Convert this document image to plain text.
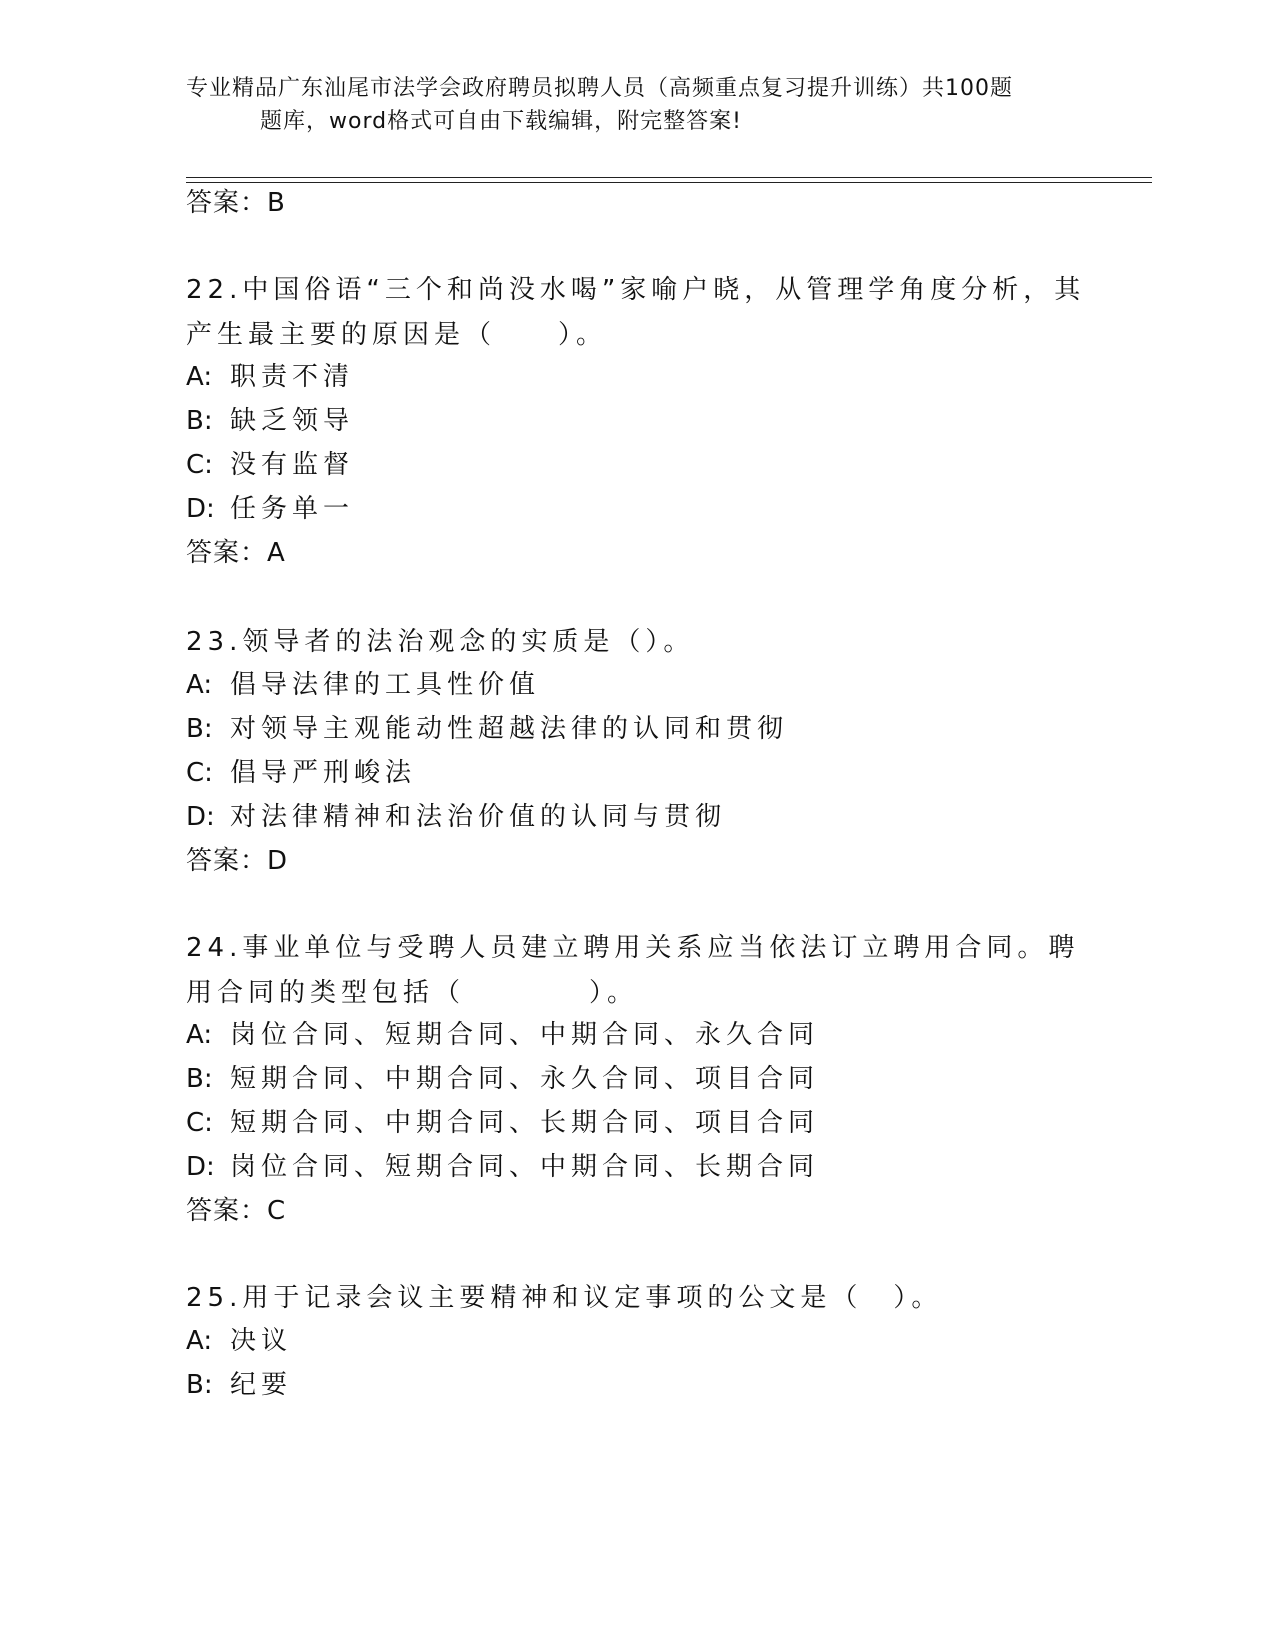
专业精品广东汕尾市法学会政府聘员拟聘人员（高频重点复习提升训练）共100题
题库，word格式可自由下载编辑，附完整答案!
答案：B
22.中国俗语“三个和尚没水喝”家喻户晓，从管理学角度分析，其产生最主要的原因是（　　）。
A: 职责不清
B: 缺乏领导
C: 没有监督
D: 任务单一
答案：A
23.领导者的法治观念的实质是（）。
A: 倡导法律的工具性价值
B: 对领导主观能动性超越法律的认同和贯彻
C: 倡导严刑峻法
D: 对法律精神和法治价值的认同与贯彻
答案：D
24.事业单位与受聘人员建立聘用关系应当依法订立聘用合同。聘用合同的类型包括（　　　　）。
A: 岗位合同、短期合同、中期合同、永久合同
B: 短期合同、中期合同、永久合同、项目合同
C: 短期合同、中期合同、长期合同、项目合同
D: 岗位合同、短期合同、中期合同、长期合同
答案：C
25.用于记录会议主要精神和议定事项的公文是（　）。
A: 决议
B: 纪要
